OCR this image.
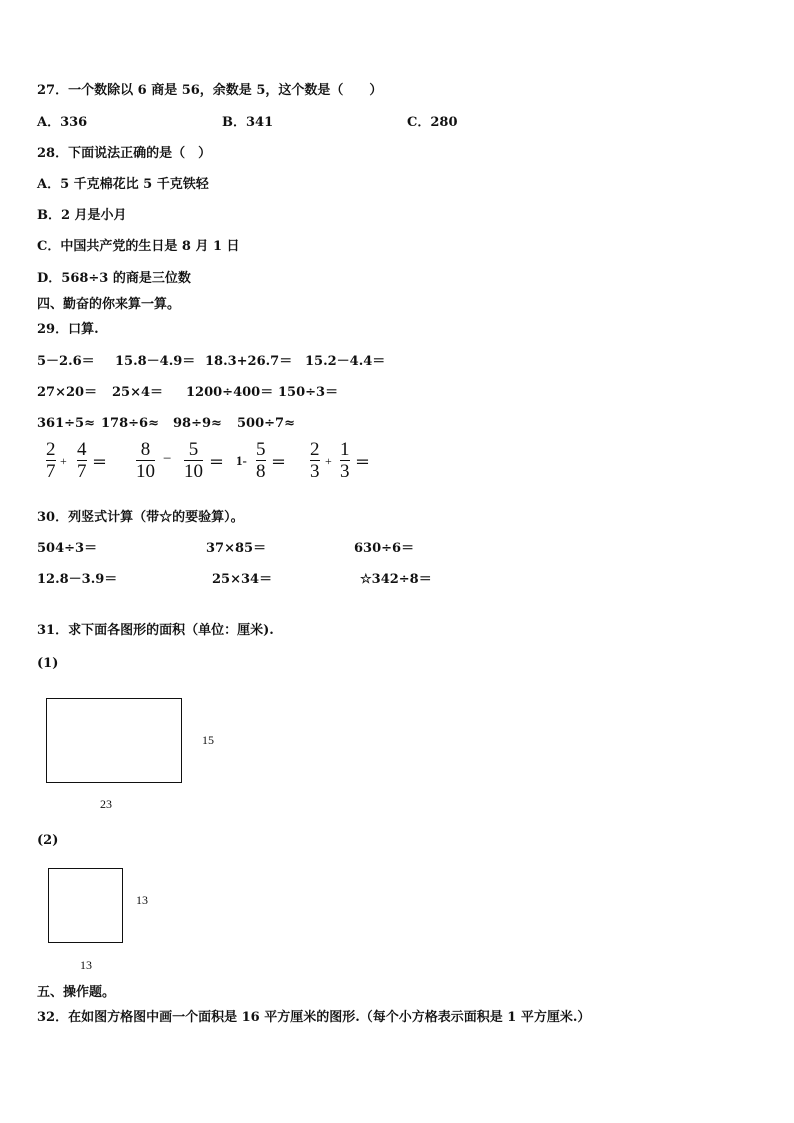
27．一个数除以 6 商是 56，余数是 5，这个数是（　　）
A．336	B．341	C．280
28．下面说法正确的是（　）
A．5 千克棉花比 5 千克铁轻
B．2 月是小月
C．中国共产党的生日是 8 月 1 日
D．568÷3 的商是三位数
四、勤奋的你来算一算。
29．口算.
5－2.6＝ 15.8－4.9＝ 18.3+26.7＝ 15.2－4.4＝
27×20＝ 25×4＝ 1200÷400＝ 150÷3＝
361÷5≈ 178÷6≈ 98÷9≈ 500÷7≈
2
7 +
4
7 ＝
8
10
− 5
10 ＝ 1-
5
8 ＝
2
3 +
1
3 ＝
30．列竖式计算（带☆的要验算）。
504÷3＝	37×85＝	630÷6＝
12.8－3.9＝	25×34＝	☆342÷8＝
31．求下面各图形的面积（单位：厘米).
(1)
15
23
(2)
13
13
五、操作题。
32．在如图方格图中画一个面积是 16 平方厘米的图形.（每个小方格表示面积是 1 平方厘米.）
